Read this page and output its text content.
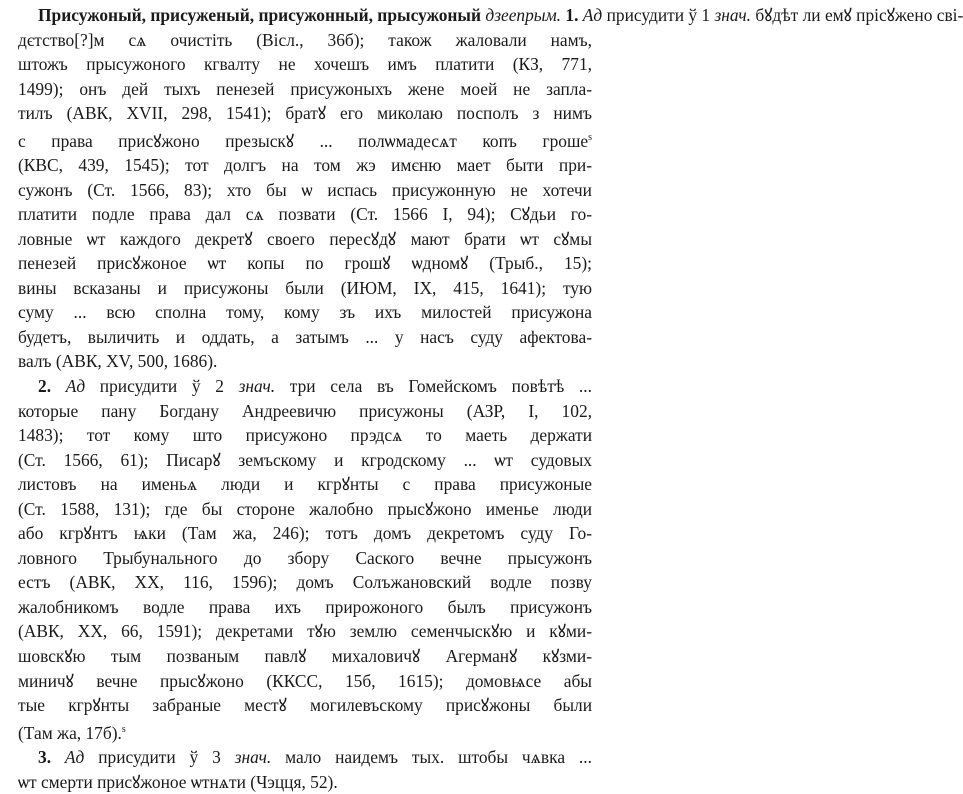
Присужоный, присуженый, присужонный, прысужоный дзеепрым. 1. Ад присудити ў 1 знач. бꙋдѣт ли емꙋ прісꙋжено сві-
дєтство[?]м сѧ очистіть (Вісл., 36б); також жаловали намъ,
штожъ прысужоного кгвалту не хочешъ имъ платити (КЗ, 771,
1499); онъ дей тыхъ пенезей присужоныхъ жене моей не запла-
тилъ (АВК, XVII, 298, 1541); братꙋ его миколаю посполъ з нимъ
с права присꙋжоно презыскꙋ ... полѡмадесѧт копъ гроше$^s$
(КВС, 439, 1545); тот долгъ на том жэ имєню мает быти при-
сужонъ (Ст. 1566, 83); хто бы ѡ испась присужонную не хотечи
платити подле права дал сѧ позвати (Ст. 1566 I, 94); Сꙋдьи го-
ловные ѡт каждого декретꙋ своего пересꙋдꙋ мают брати ѡт сꙋмы
пенезей присꙋжоное ѡт копы по грошꙋ ѡдномꙋ (Трыб., 15);
вины всказаны и присужоны были (ИЮМ, IX, 415, 1641); тую
суму ... всю сполна тому, кому зъ ихъ милостей присужона
будетъ, выличить и оддать, а затымъ ... у насъ суду афектова-
валъ (АВК, XV, 500, 1686).
2. Ад присудити ў 2 знач. три села въ Гомейскомъ повѣтѣ ...
которые пану Богдану Андреевичю присужоны (АЗР, I, 102,
1483); тот кому што присужоно прэдсѧ то маеть держати
(Ст. 1566, 61); Писарꙋ земъскому и кгродскому ... ѡт судовых
листовъ на именьѧ люди и кгрꙋнты с права присужоные
(Ст. 1588, 131); где бы стороне жалобно прысꙋжоно именье люди
або кгрꙋнтъ ѩки (Там жа, 246); тотъ домъ декретомъ суду Го-
ловного Трыбунального до збору Саского вечне прысужонъ
естъ (АВК, XX, 116, 1596); домъ Солъжановский водле позву
жалобникомъ водле права ихъ прирожоного былъ присужонъ
(АВК, XX, 66, 1591); декретами тꙋю землю семенчыскꙋю и кꙋми-
шовскꙋю тым позваным павлꙋ михаловичꙋ Агерманꙋ кꙋзми-
миничꙋ вечне прысꙋжоно (ККСС, 15б, 1615); домовѩсе абы
тые кгрꙋнты забраные местꙋ могилевъскому присꙋжоны были
(Там жа, 17б).$^s$
3. Ад присудити ў 3 знач. мало наидемъ тых. штобы чѧвка ...
ѡт смерти присꙋжоное ѡтнѧти (Чэцця, 52).
